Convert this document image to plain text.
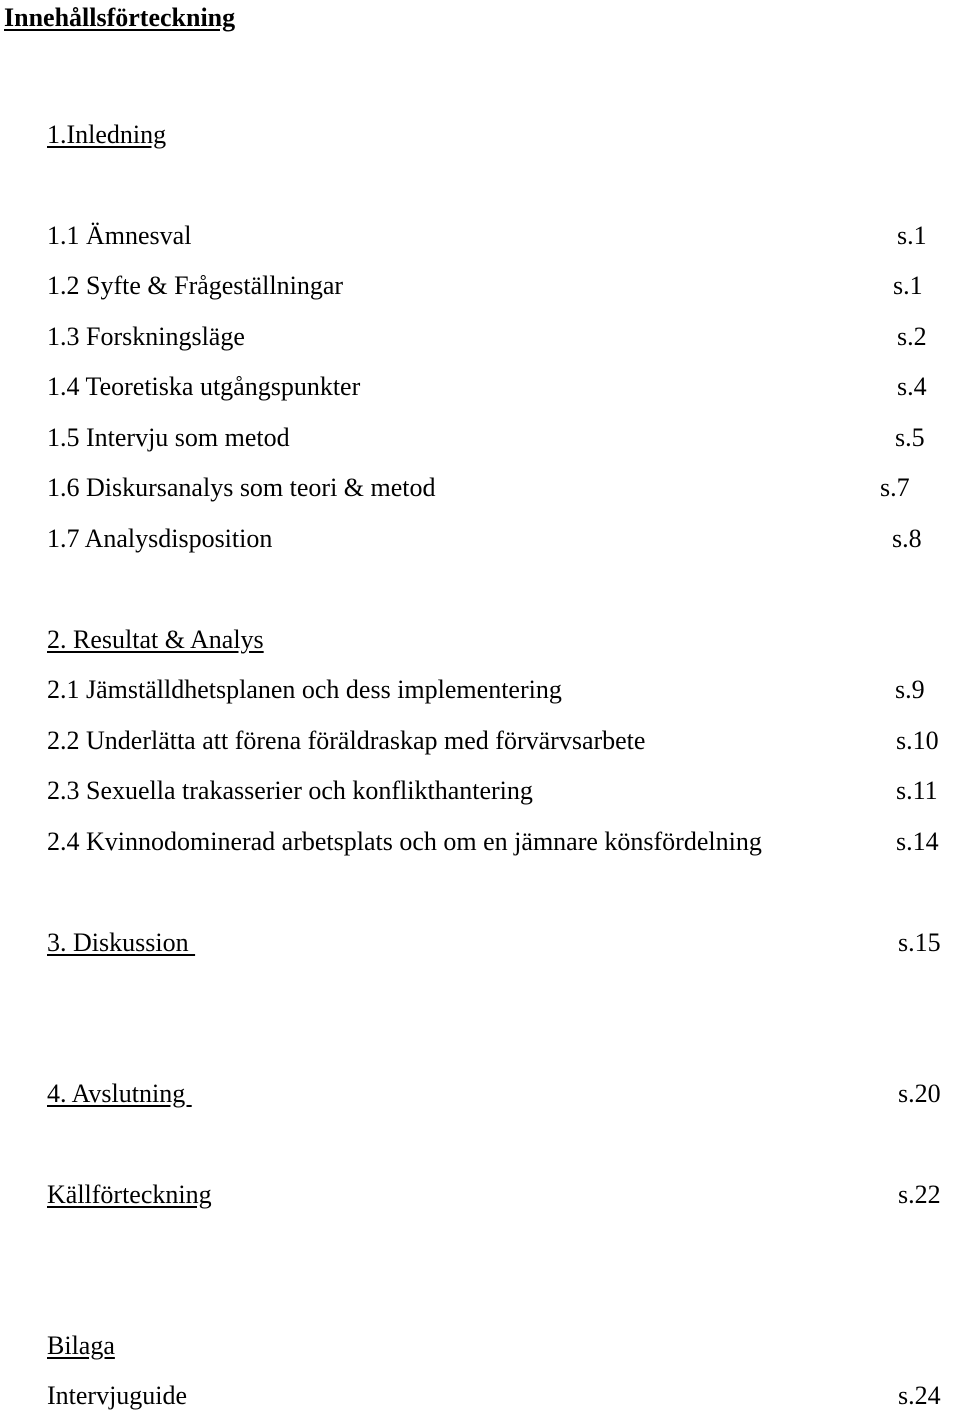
Innehållsförteckning
1.Inledning
1.1 Ämnesval	s.1
1.2 Syfte & Frågeställningar	s.1
1.3 Forskningsläge	s.2
1.4 Teoretiska utgångspunkter	s.4
1.5 Intervju som metod	s.5
1.6 Diskursanalys som teori & metod	s.7
1.7 Analysdisposition	s.8
2. Resultat & Analys
2.1 Jämställdhetsplanen och dess implementering	s.9
2.2 Underlätta att förena föräldraskap med förvärvsarbete	s.10
2.3 Sexuella trakasserier och konflikthantering	s.11
2.4 Kvinnodominerad arbetsplats och om en jämnare könsfördelning	s.14
3. Diskussion	s.15
4. Avslutning	s.20
Källförteckning	s.22
Bilaga
Intervjuguide	s.24
